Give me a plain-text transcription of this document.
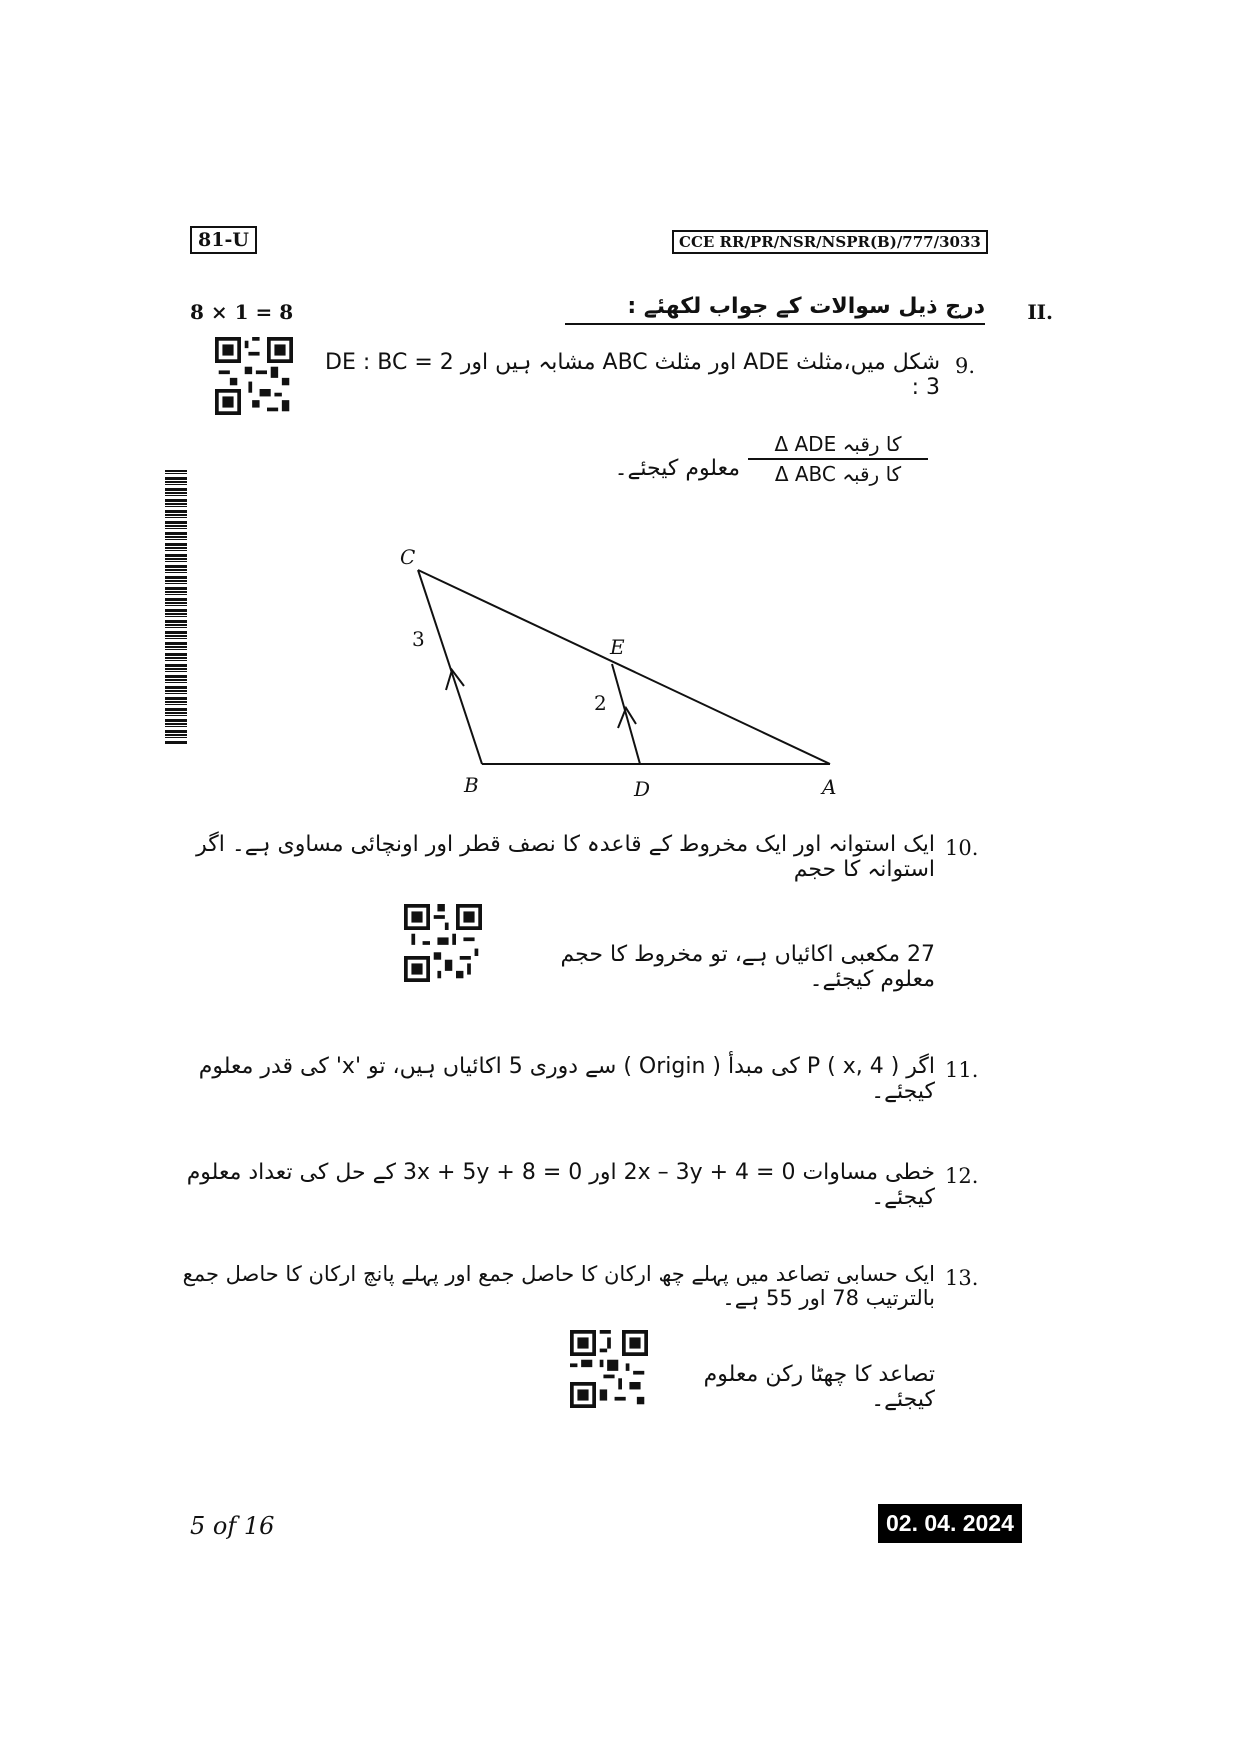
81-U	CCE RR/PR/NSR/NSPR(B)/777/3033
8 × 1 = 8	درج ذیل سوالات کے جواب لکھئے : II.
9.
شکل میں،مثلث ADE اور مثلث ABC مشابہ ہیں اور DE : BC = 2 : 3
کا رقبہ Δ ADE
کا رقبہ Δ ABC
معلوم کیجئے۔
C
E
B	D	A
3
2
10.
ایک استوانہ اور ایک مخروط کے قاعدہ کا نصف قطر اور اونچائی مساوی ہے۔ اگر استوانہ کا حجم
27 مکعبی اکائیاں ہے، تو مخروط کا حجم معلوم کیجئے۔
11.
اگر P ( x, 4 ) کی مبدأ ( Origin ) سے دوری 5 اکائیاں ہیں، تو 'x' کی قدر معلوم کیجئے۔
12.
خطی مساوات 2x – 3y + 4 = 0 اور 3x + 5y + 8 = 0 کے حل کی تعداد معلوم کیجئے۔
13.
ایک حسابی تصاعد میں پہلے چھ ارکان کا حاصل جمع اور پہلے پانچ ارکان کا حاصل جمع بالترتیب 78 اور 55 ہے۔
تصاعد کا چھٹا رکن معلوم کیجئے۔
5 of 16	02. 04. 2024
